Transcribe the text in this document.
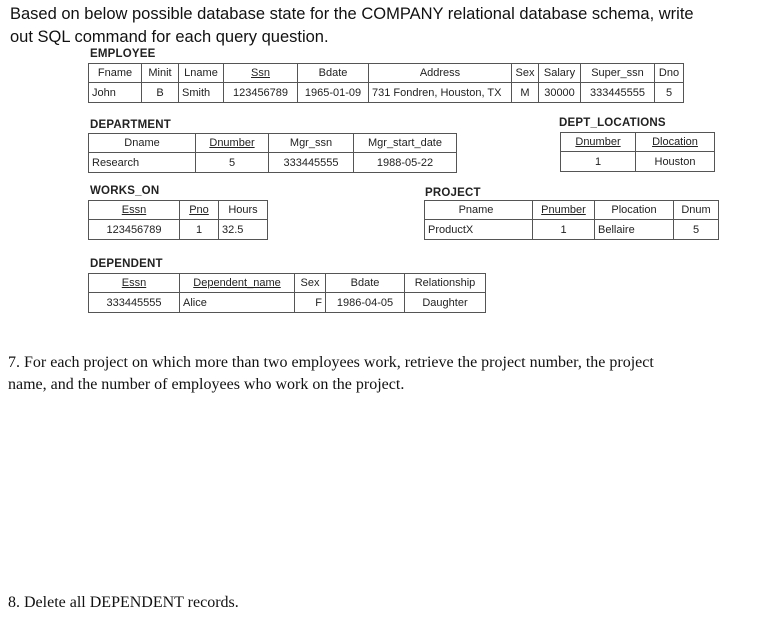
Based on below possible database state for the COMPANY relational database schema, write
out SQL command for each query question.
EMPLOYEE
Fname	Minit	Lname	Ssn	Bdate	Address	Sex	Salary	Super_ssn	Dno
John	B	Smith	123456789	1965-01-09	731 Fondren, Houston, TX	M	30000	333445555	5
DEPARTMENT
Dname	Dnumber	Mgr_ssn	Mgr_start_date
Research	5	333445555	1988-05-22
DEPT_LOCATIONS
Dnumber	Dlocation
1	Houston
WORKS_ON
Essn	Pno	Hours
123456789	1	32.5
PROJECT
Pname	Pnumber	Plocation	Dnum
ProductX	1	Bellaire	5
DEPENDENT
Essn	Dependent_name	Sex	Bdate	Relationship
333445555	Alice	F	1986-04-05	Daughter
7. For each project on which more than two employees work, retrieve the project number, the project
name, and the number of employees who work on the project.
8. Delete all DEPENDENT records.
